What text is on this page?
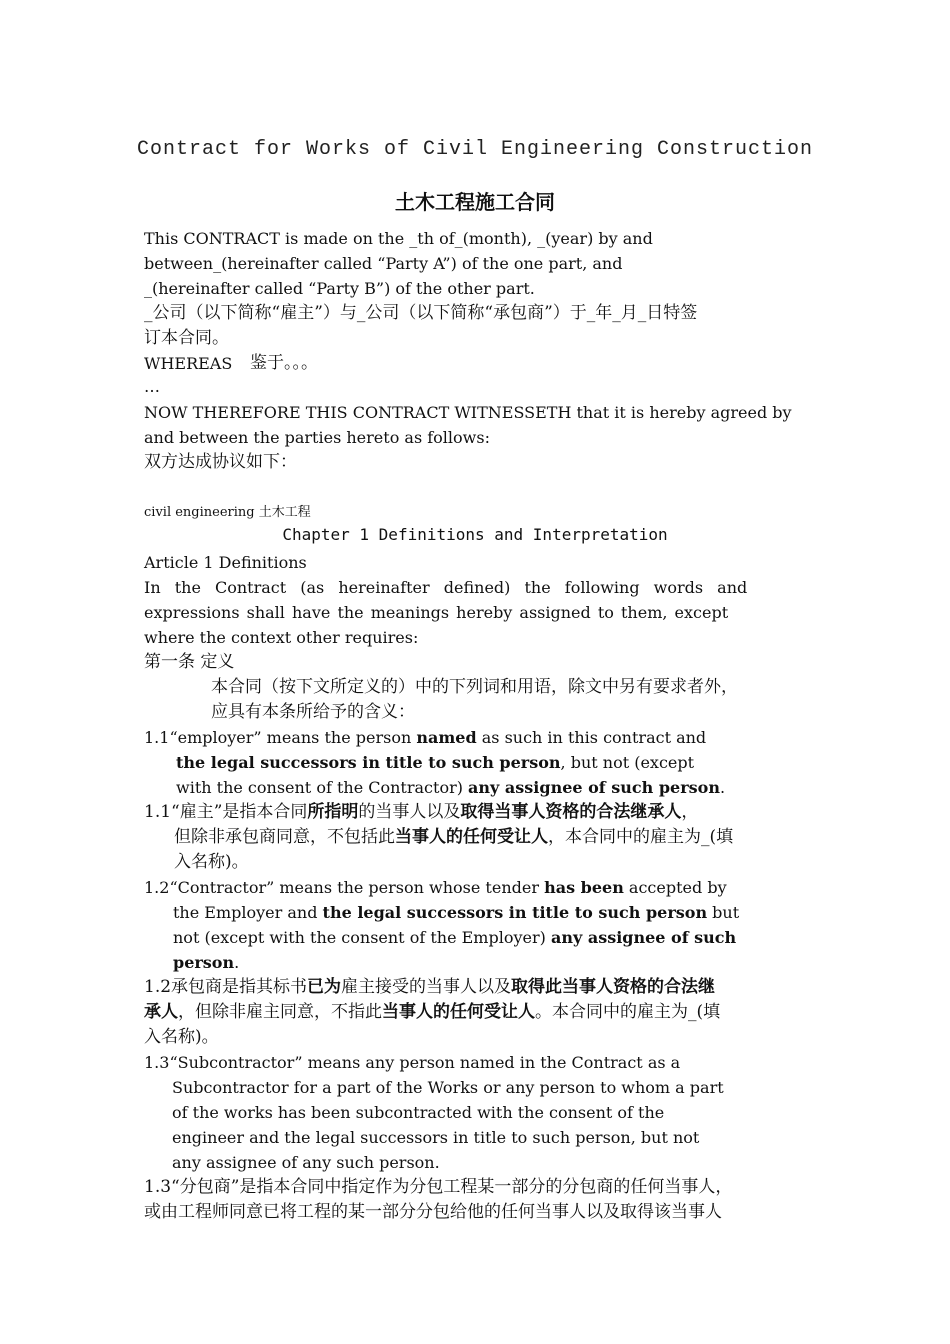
Contract for Works of Civil Engineering Construction
土木工程施工合同
This CONTRACT is made on the _th of_(month), _(year) by and
between_(hereinafter called “Party A”) of the one part, and
_(hereinafter called “Party B”) of the other part.
_公司（以下简称“雇主”）与_公司（以下简称“承包商”）于_年_月_日特签
订本合同。
WHEREAS 鉴于。。。
…
NOW THEREFORE THIS CONTRACT WITNESSETH that it is hereby agreed by
and between the parties hereto as follows:
双方达成协议如下：
civil engineering 土木工程
Chapter 1 Definitions and Interpretation
Article 1 Definitions
In the Contract (as hereinafter defined) the following words and
expressions shall have the meanings hereby assigned to them, except
where the context other requires:
第一条 定义
本合同（按下文所定义的）中的下列词和用语，除文中另有要求者外，
应具有本条所给予的含义：
1.1“employer” means the person named as such in this contract and
the legal successors in title to such person, but not (except
with the consent of the Contractor) any assignee of such person.
1.1“雇主”是指本合同所指明的当事人以及取得当事人资格的合法继承人，
但除非承包商同意，不包括此当事人的任何受让人，本合同中的雇主为_(填
入名称)。
1.2“Contractor” means the person whose tender has been accepted by
the Employer and the legal successors in title to such person but
not (except with the consent of the Employer) any assignee of such
person.
1.2承包商是指其标书已为雇主接受的当事人以及取得此当事人资格的合法继
承人，但除非雇主同意，不指此当事人的任何受让人。本合同中的雇主为_(填
入名称)。
1.3“Subcontractor” means any person named in the Contract as a
Subcontractor for a part of the Works or any person to whom a part
of the works has been subcontracted with the consent of the
engineer and the legal successors in title to such person, but not
any assignee of any such person.
1.3“分包商”是指本合同中指定作为分包工程某一部分的分包商的任何当事人，
或由工程师同意已将工程的某一部分分包给他的任何当事人以及取得该当事人
